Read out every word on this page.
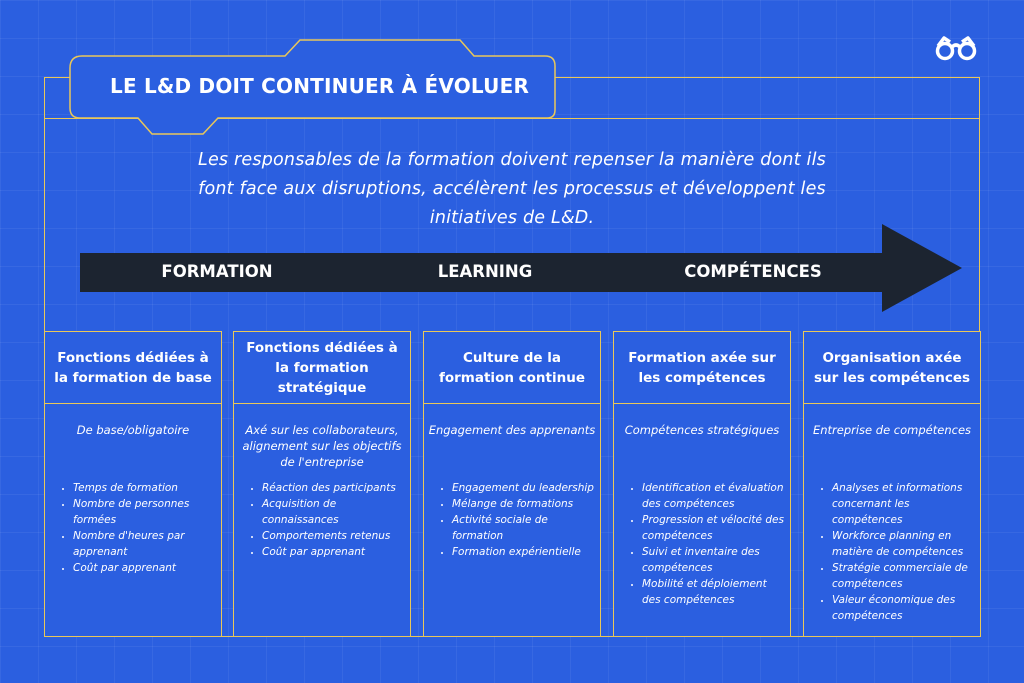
LE L&D DOIT CONTINUER À ÉVOLUER
Les responsables de la formation doivent repenser la manière dont ils font face aux disruptions, accélèrent les processus et développent les initiatives de L&D.
FORMATION	LEARNING	COMPÉTENCES
Fonctions dédiées à la formation de base
De base/obligatoire
• Temps de formation
• Nombre de personnes formées
• Nombre d'heures par apprenant
• Coût par apprenant
Fonctions dédiées à la formation stratégique
Axé sur les collaborateurs, alignement sur les objectifs de l'entreprise
• Réaction des participants
• Acquisition de connaissances
• Comportements retenus
• Coût par apprenant
Culture de la formation continue
Engagement des apprenants
• Engagement du leadership
• Mélange de formations
• Activité sociale de formation
• Formation expérientielle
Formation axée sur les compétences
Compétences stratégiques
• Identification et évaluation des compétences
• Progression et vélocité des compétences
• Suivi et inventaire des compétences
• Mobilité et déploiement des compétences
Organisation axée sur les compétences
Entreprise de compétences
• Analyses et informations concernant les compétences
• Workforce planning en matière de compétences
• Stratégie commerciale de compétences
• Valeur économique des compétences
